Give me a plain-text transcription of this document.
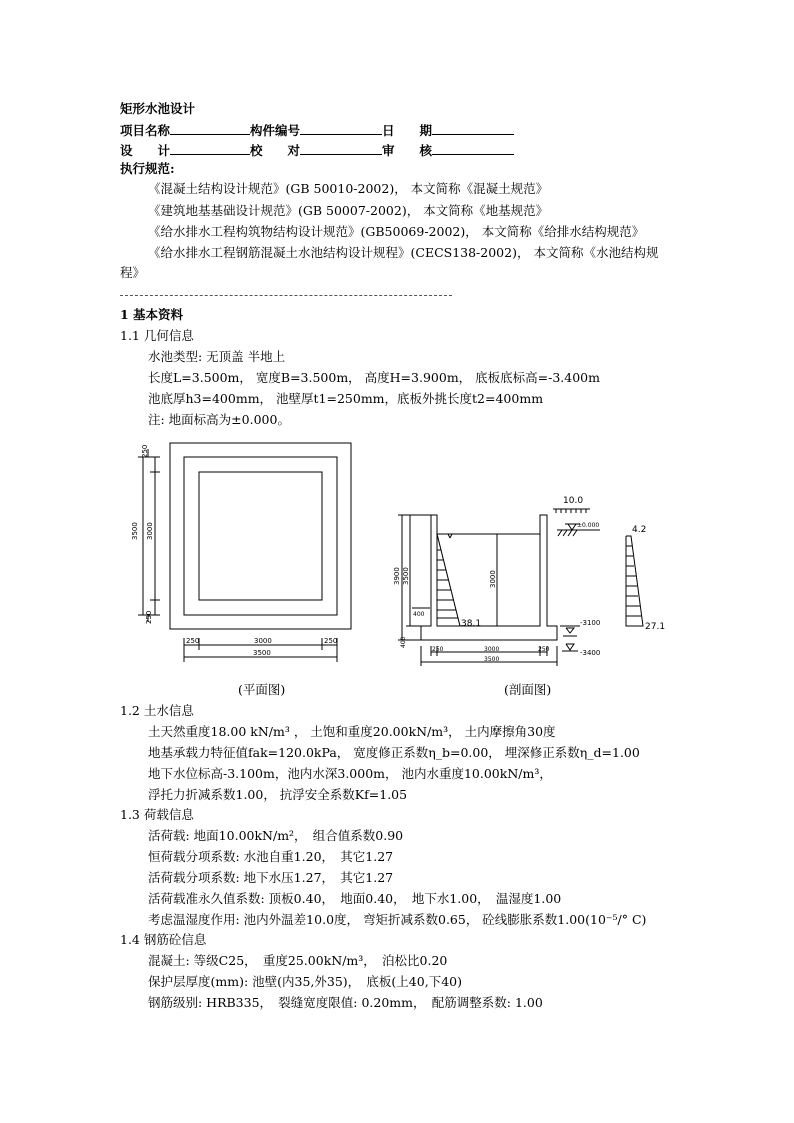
矩形水池设计
项目名称	构件编号	日　　期
设　　计	校　　对	审　　核
执行规范:
《混凝土结构设计规范》(GB 50010-2002)， 本文简称《混凝土规范》
《建筑地基基础设计规范》(GB 50007-2002)， 本文简称《地基规范》
《给水排水工程构筑物结构设计规范》(GB50069-2002)， 本文简称《给排水结构规范》
《给水排水工程钢筋混凝土水池结构设计规程》(CECS138-2002)， 本文简称《水池结构规
程》
1 基本资料
1.1 几何信息
水池类型: 无顶盖 半地上
长度L=3.500m， 宽度B=3.500m， 高度H=3.900m， 底板底标高=-3.400m
池底厚h3=400mm， 池壁厚t1=250mm，底板外挑长度t2=400mm
注: 地面标高为±0.000。
250
3500 3000
250
250	3000	250
3500
10.0
±0.000
-3100
-3400
3900 3500	3000
400
400
38.1
250	3000	250
3500
4.2
27.1
(平面图)	(剖面图)
1.2 土水信息
土天然重度18.00 kN/m³ ， 土饱和重度20.00kN/m³， 土内摩擦角30度
地基承载力特征值fak=120.0kPa， 宽度修正系数η_b=0.00， 埋深修正系数η_d=1.00
地下水位标高-3.100m，池内水深3.000m， 池内水重度10.00kN/m³，
浮托力折减系数1.00， 抗浮安全系数Kf=1.05
1.3 荷载信息
活荷载: 地面10.00kN/m²，　组合值系数0.90
恒荷载分项系数: 水池自重1.20，　其它1.27
活荷载分项系数: 地下水压1.27，　其它1.27
活荷载准永久值系数: 顶板0.40，　地面0.40，　地下水1.00，　温湿度1.00
考虑温湿度作用: 池内外温差10.0度， 弯矩折减系数0.65， 砼线膨胀系数1.00(10⁻⁵/° C)
1.4 钢筋砼信息
混凝土: 等级C25，　重度25.00kN/m³，　泊松比0.20
保护层厚度(mm): 池壁(内35,外35)，　底板(上40,下40)
钢筋级别: HRB335，　裂缝宽度限值: 0.20mm，　配筋调整系数: 1.00
